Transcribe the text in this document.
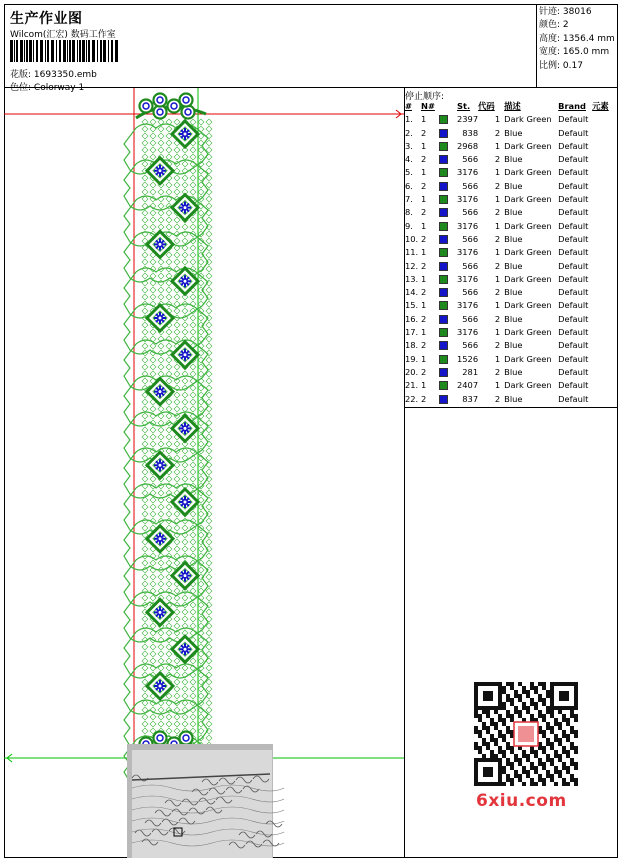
生产作业图
Wilcom(汇宏) 数码工作室
花版: 1693350.emb
色位: Colorway 1
针迹: 38016
颜色: 2
高度: 1356.4 mm
宽度: 165.0 mm
比例: 0.17
停止顺序:
#	N#		St.	代码	描述	Brand	元素
1.	1		2397	1	Dark Green	Default	
2.	2		838	2	Blue	Default	
3.	1		2968	1	Dark Green	Default	
4.	2		566	2	Blue	Default	
5.	1		3176	1	Dark Green	Default	
6.	2		566	2	Blue	Default	
7.	1		3176	1	Dark Green	Default	
8.	2		566	2	Blue	Default	
9.	1		3176	1	Dark Green	Default	
10.	2		566	2	Blue	Default	
11.	1		3176	1	Dark Green	Default	
12.	2		566	2	Blue	Default	
13.	1		3176	1	Dark Green	Default	
14.	2		566	2	Blue	Default	
15.	1		3176	1	Dark Green	Default	
16.	2		566	2	Blue	Default	
17.	1		3176	1	Dark Green	Default	
18.	2		566	2	Blue	Default	
19.	1		1526	1	Dark Green	Default	
20.	2		281	2	Blue	Default	
21.	1		2407	1	Dark Green	Default	
22.	2		837	2	Blue	Default	
6xiu.com
